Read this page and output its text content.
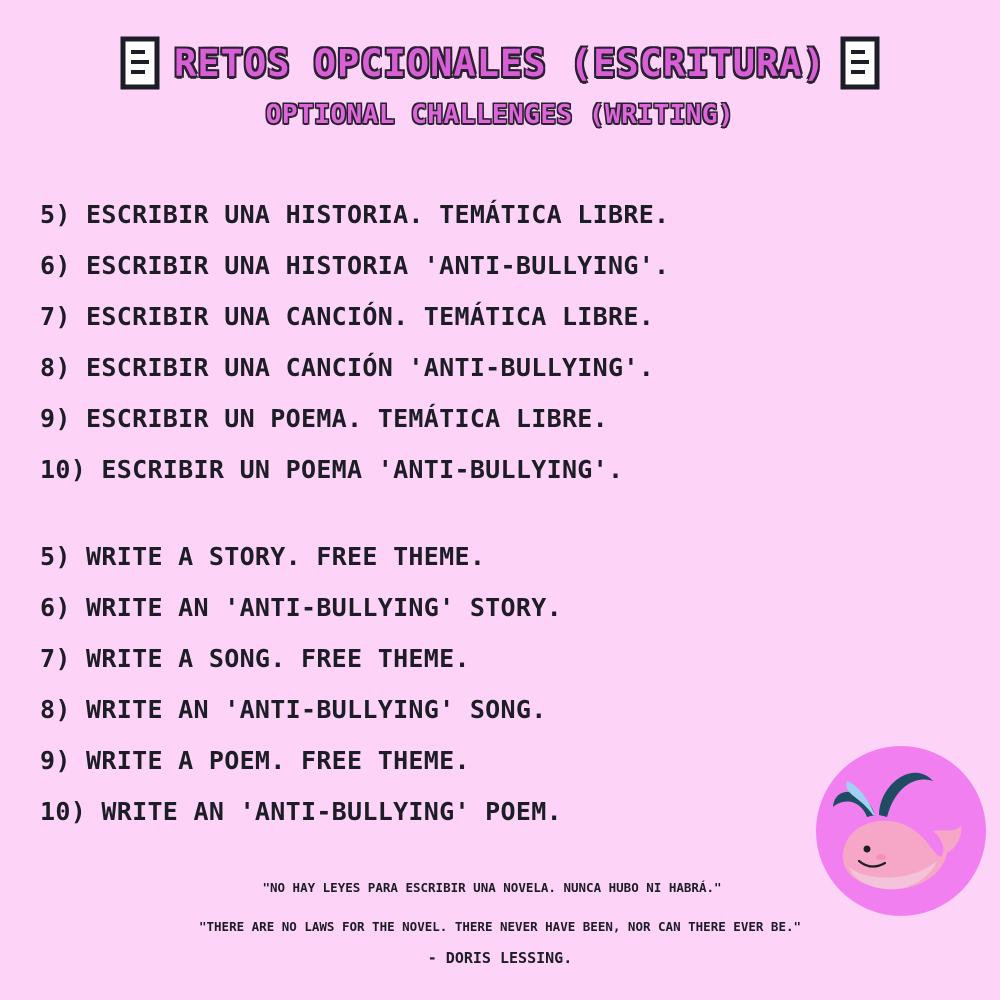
RETOS OPCIONALES (ESCRITURA)
OPTIONAL CHALLENGES (WRITING)
5) ESCRIBIR UNA HISTORIA. TEMÁTICA LIBRE.
6) ESCRIBIR UNA HISTORIA 'ANTI-BULLYING'.
7) ESCRIBIR UNA CANCIÓN. TEMÁTICA LIBRE.
8) ESCRIBIR UNA CANCIÓN 'ANTI-BULLYING'.
9) ESCRIBIR UN POEMA. TEMÁTICA LIBRE.
10) ESCRIBIR UN POEMA 'ANTI-BULLYING'.
5) WRITE A STORY. FREE THEME.
6) WRITE AN 'ANTI-BULLYING' STORY.
7) WRITE A SONG. FREE THEME.
8) WRITE AN 'ANTI-BULLYING' SONG.
9) WRITE A POEM. FREE THEME.
10) WRITE AN 'ANTI-BULLYING' POEM.
"NO HAY LEYES PARA ESCRIBIR UNA NOVELA. NUNCA HUBO NI HABRÁ."
"THERE ARE NO LAWS FOR THE NOVEL. THERE NEVER HAVE BEEN, NOR CAN THERE EVER BE."
- DORIS LESSING.
